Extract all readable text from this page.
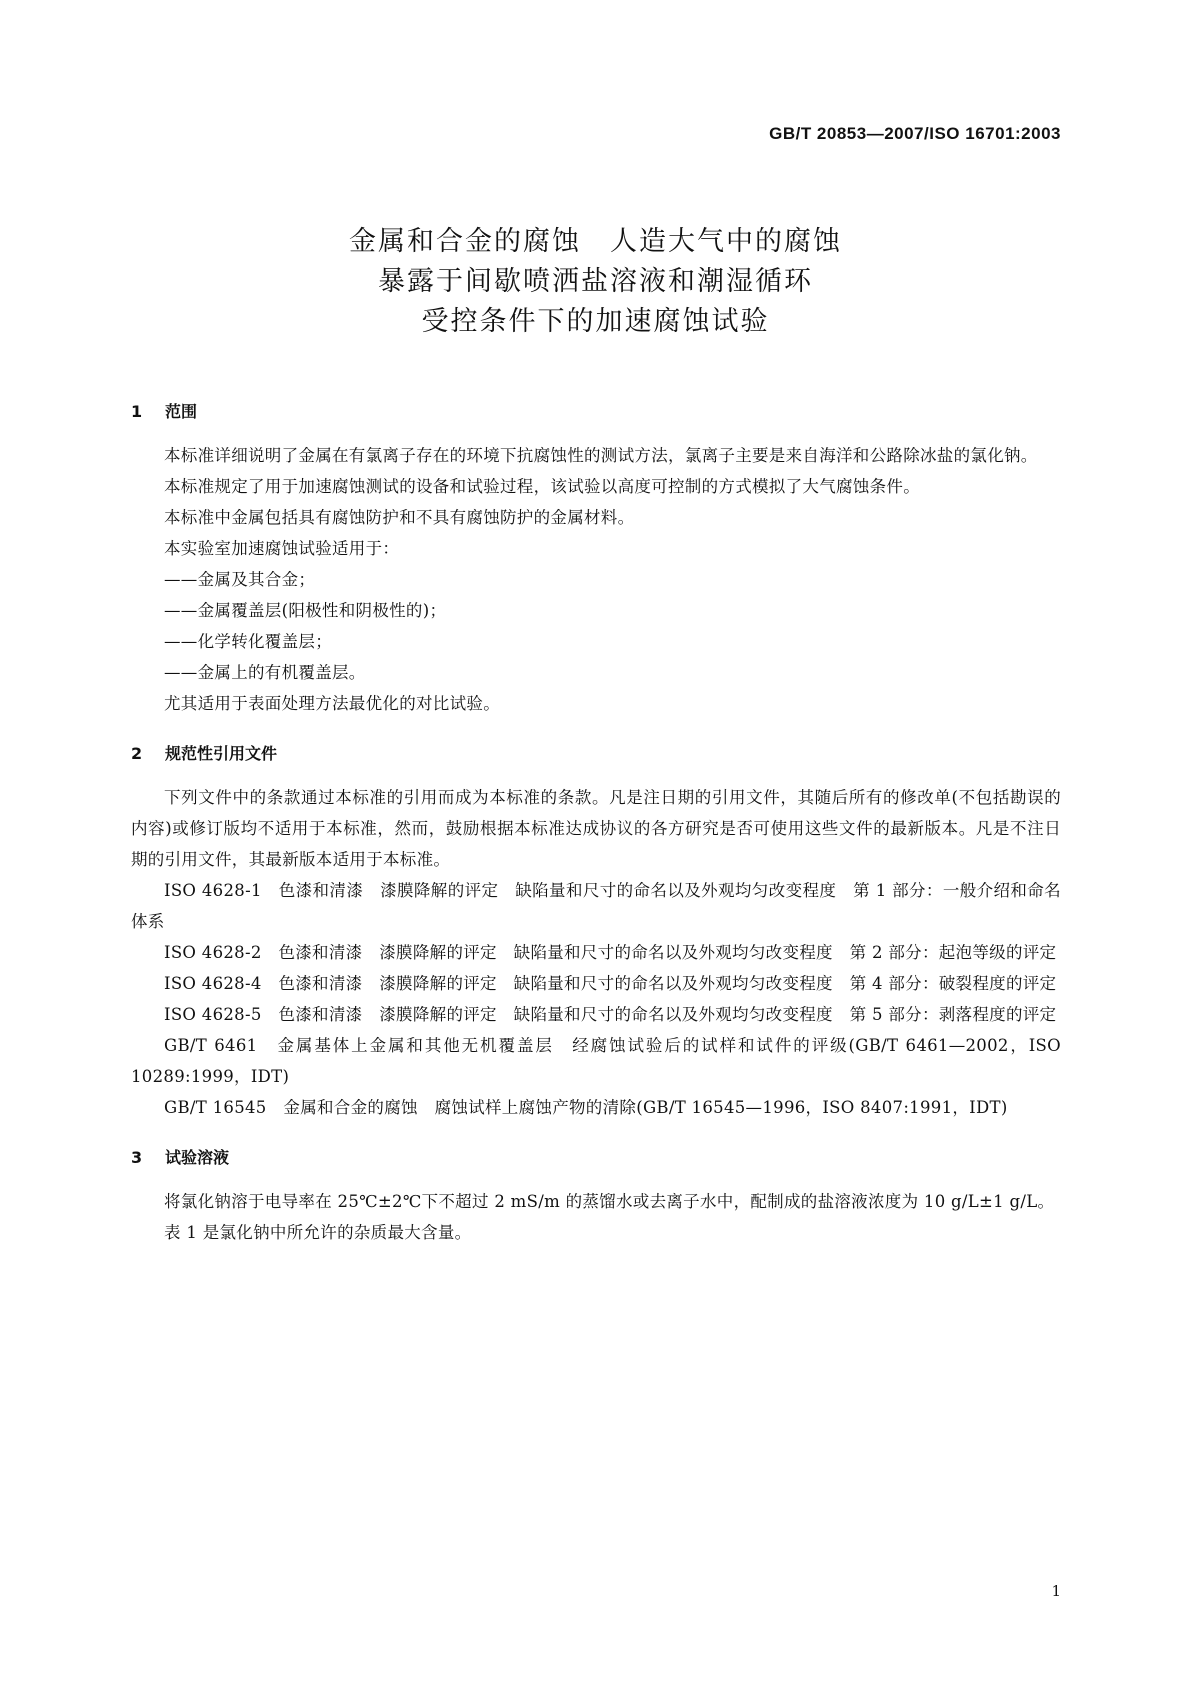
GB/T 20853—2007/ISO 16701:2003
金属和合金的腐蚀　人造大气中的腐蚀
暴露于间歇喷洒盐溶液和潮湿循环
受控条件下的加速腐蚀试验
1 范围

本标准详细说明了金属在有氯离子存在的环境下抗腐蚀性的测试方法，氯离子主要是来自海洋和公路除冰盐的氯化钠。

本标准规定了用于加速腐蚀测试的设备和试验过程，该试验以高度可控制的方式模拟了大气腐蚀条件。

本标准中金属包括具有腐蚀防护和不具有腐蚀防护的金属材料。

本实验室加速腐蚀试验适用于：

——金属及其合金；

——金属覆盖层(阳极性和阴极性的)；

——化学转化覆盖层；

——金属上的有机覆盖层。

尤其适用于表面处理方法最优化的对比试验。

2 规范性引用文件

下列文件中的条款通过本标准的引用而成为本标准的条款。凡是注日期的引用文件，其随后所有的修改单(不包括勘误的内容)或修订版均不适用于本标准，然而，鼓励根据本标准达成协议的各方研究是否可使用这些文件的最新版本。凡是不注日期的引用文件，其最新版本适用于本标准。

ISO 4628-1　色漆和清漆　漆膜降解的评定　缺陷量和尺寸的命名以及外观均匀改变程度　第 1 部分：一般介绍和命名体系

ISO 4628-2　色漆和清漆　漆膜降解的评定　缺陷量和尺寸的命名以及外观均匀改变程度　第 2 部分：起泡等级的评定

ISO 4628-4　色漆和清漆　漆膜降解的评定　缺陷量和尺寸的命名以及外观均匀改变程度　第 4 部分：破裂程度的评定

ISO 4628-5　色漆和清漆　漆膜降解的评定　缺陷量和尺寸的命名以及外观均匀改变程度　第 5 部分：剥落程度的评定

GB/T 6461　金属基体上金属和其他无机覆盖层　经腐蚀试验后的试样和试件的评级(GB/T 6461—2002，ISO 10289:1999，IDT)

GB/T 16545　金属和合金的腐蚀　腐蚀试样上腐蚀产物的清除(GB/T 16545—1996，ISO 8407:1991，IDT)

3 试验溶液

将氯化钠溶于电导率在 25℃±2℃下不超过 2 mS/m 的蒸馏水或去离子水中，配制成的盐溶液浓度为 10 g/L±1 g/L。

表 1 是氯化钠中所允许的杂质最大含量。

1
